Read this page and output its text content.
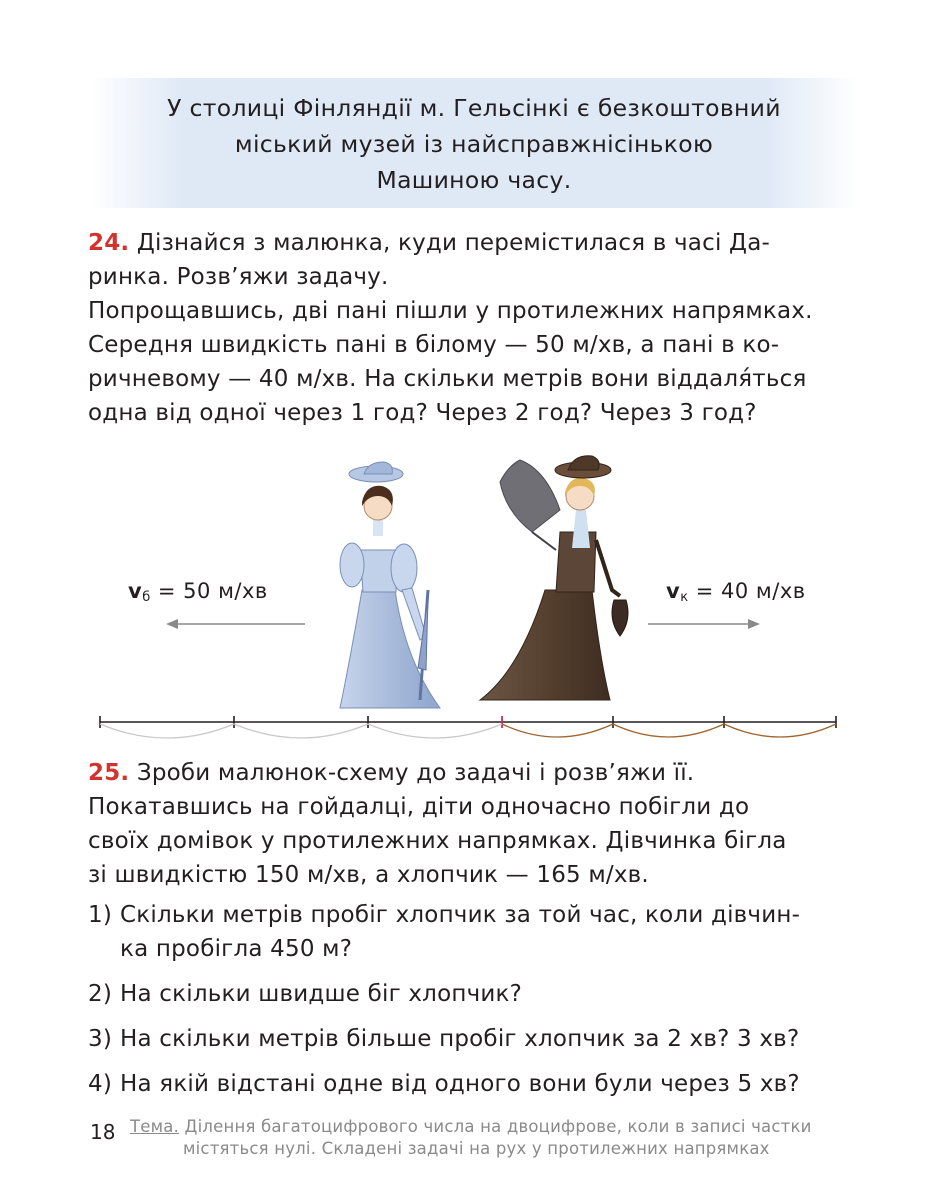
У столиці Фінляндії м. Гельсінкі є безкоштовний
міський музей із найсправжнісінькою
Машиною часу.

24. Дізнайся з малюнка, куди перемістилася в часі Да-

ринка. Розв’яжи задачу.

Попрощавшись, дві пані пішли у протилежних напрямках.

Середня швидкість пані в білому — 50 м/хв, а пані в ко-

ричневому — 40 м/хв. На скільки метрів вони віддаля́ться

одна від одної через 1 год? Через 2 год? Через 3 год?

$v_б = 50$ м/хв	$v_к = 40$ м/хв

25. Зроби малюнок-схему до задачі і розв’яжи її.

Покатавшись на гойдалці, діти одночасно побігли до

своїх домівок у протилежних напрямках. Дівчинка бігла

зі швидкістю 150 м/хв, а хлопчик — 165 м/хв.

1) Скільки метрів пробіг хлопчик за той час, коли дівчин-
ка пробігла 450 м?
2) На скільки швидше біг хлопчик?
3) На скільки метрів більше пробіг хлопчик за 2 хв? 3 хв?
4) На якій відстані одне від одного вони були через 5 хв?
18 Тема. Ділення багатоцифрового числа на двоцифрове, коли в записі частки
містяться нулі. Складені задачі на рух у протилежних напрямках
